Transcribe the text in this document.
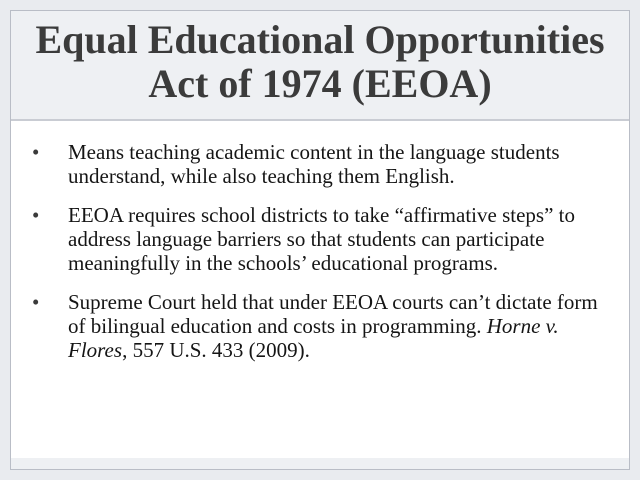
Equal Educational Opportunities
Act of 1974 (EEOA)
• Means teaching academic content in the language students understand, while also teaching them English.
• EEOA requires school districts to take “affirmative steps” to address language barriers so that students can participate meaningfully in the schools’ educational programs.
• Supreme Court held that under EEOA courts can’t dictate form of bilingual education and costs in programming. Horne v. Flores, 557 U.S. 433 (2009).
